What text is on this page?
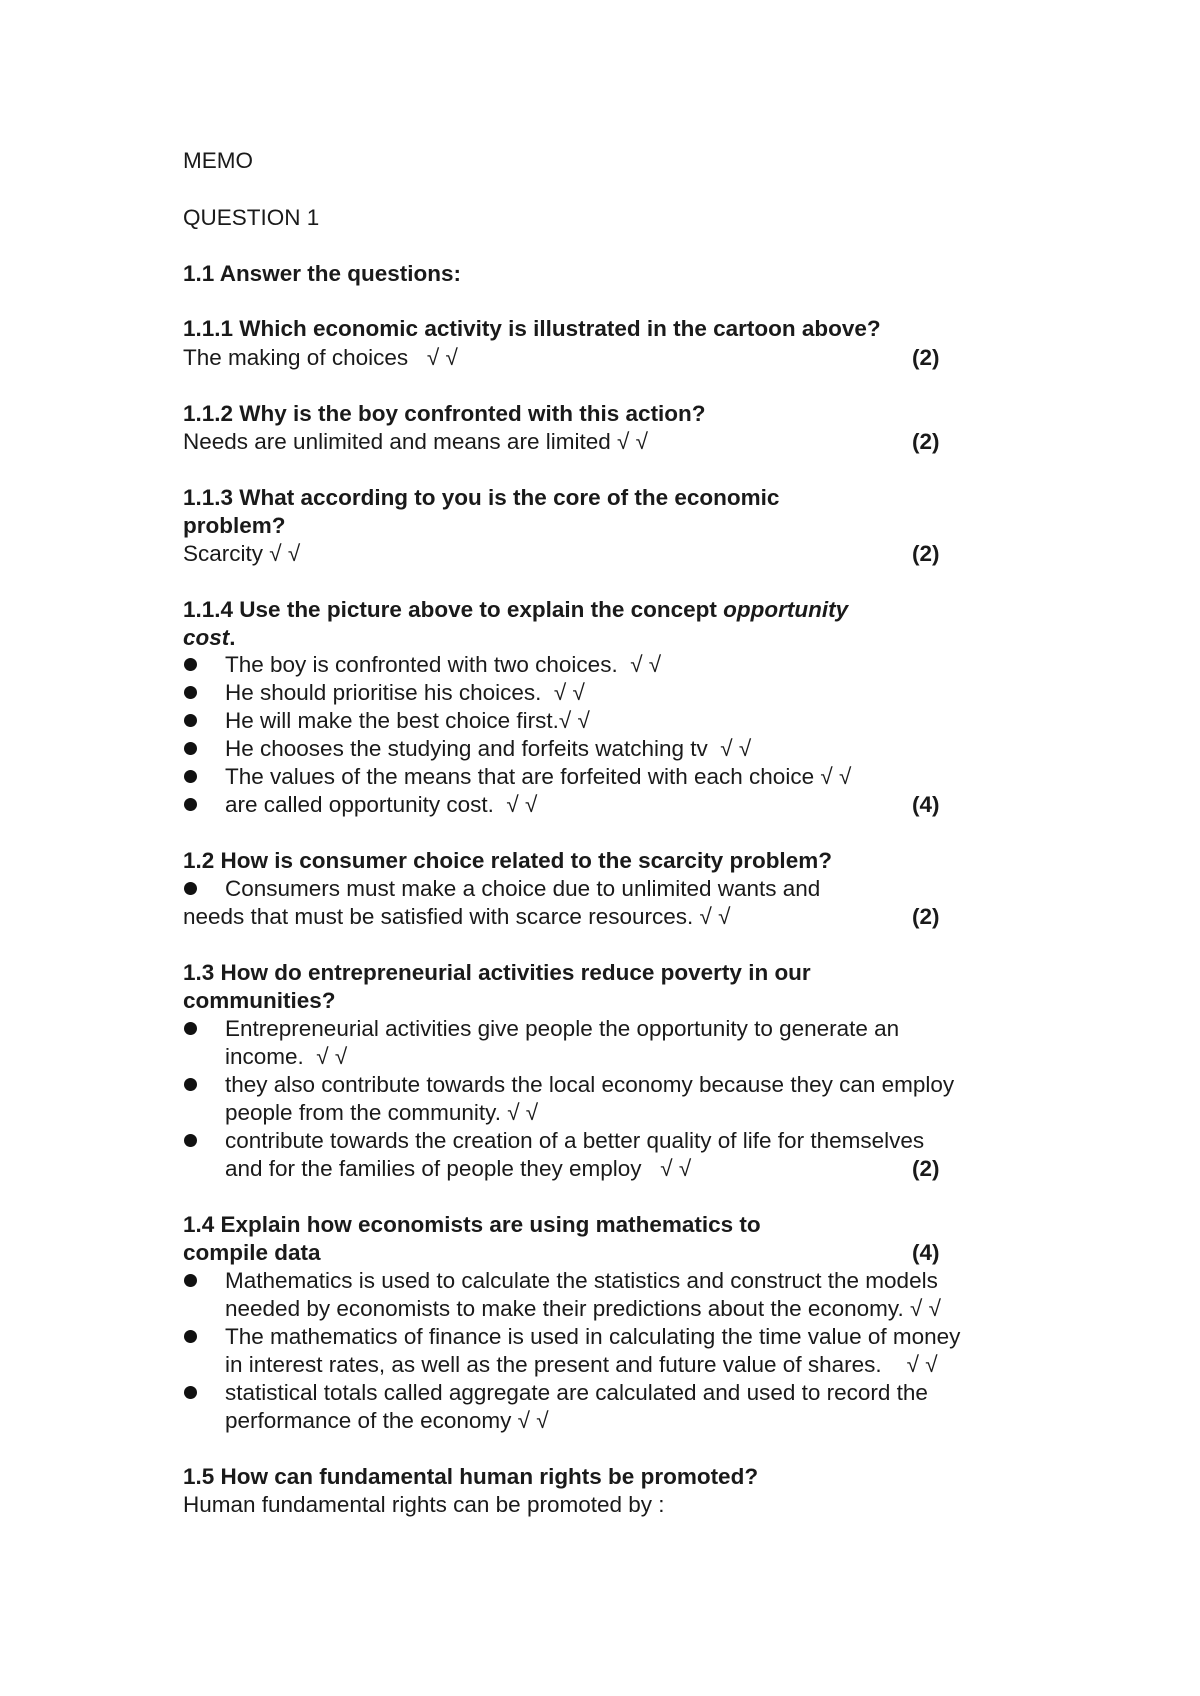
MEMO
QUESTION 1
1.1 Answer the questions:
1.1.1 Which economic activity is illustrated in the cartoon above?
The making of choices   √ √	(2)
1.1.2 Why is the boy confronted with this action?
Needs are unlimited and means are limited √ √	(2)
1.1.3 What according to you is the core of the economic
problem?
Scarcity √ √	(2)
1.1.4 Use the picture above to explain the concept opportunity
cost.
The boy is confronted with two choices.  √ √
He should prioritise his choices.  √ √
He will make the best choice first.√ √
He chooses the studying and forfeits watching tv  √ √
The values of the means that are forfeited with each choice √ √
are called opportunity cost.  √ √	(4)
1.2 How is consumer choice related to the scarcity problem?
Consumers must make a choice due to unlimited wants and
needs that must be satisfied with scarce resources. √ √	(2)
1.3 How do entrepreneurial activities reduce poverty in our
communities?
Entrepreneurial activities give people the opportunity to generate an
income.  √ √
they also contribute towards the local economy because they can employ
people from the community. √ √
contribute towards the creation of a better quality of life for themselves
and for the families of people they employ   √ √	(2)
1.4 Explain how economists are using mathematics to
compile data	(4)
Mathematics is used to calculate the statistics and construct the models
needed by economists to make their predictions about the economy. √ √
The mathematics of finance is used in calculating the time value of money
in interest rates, as well as the present and future value of shares.    √ √
statistical totals called aggregate are calculated and used to record the
performance of the economy √ √
1.5 How can fundamental human rights be promoted?
Human fundamental rights can be promoted by :
